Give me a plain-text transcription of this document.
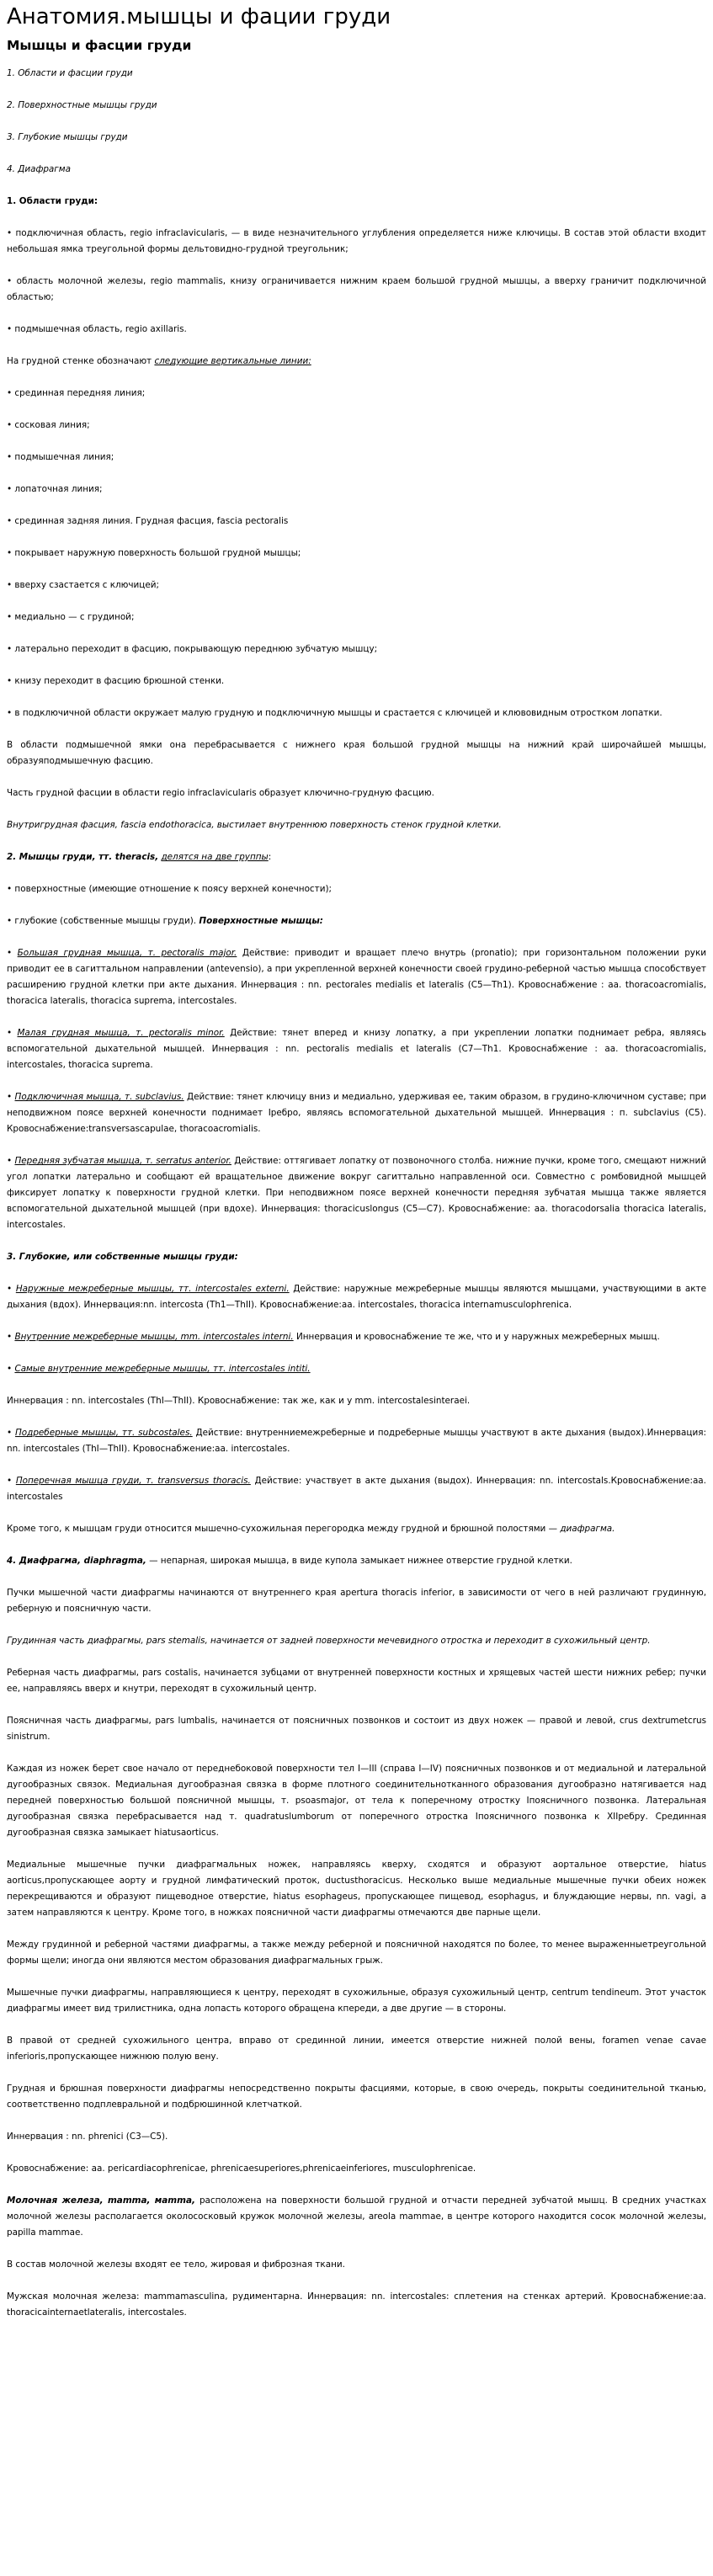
Анатомия.мышцы и фации груди
Мышцы и фасции груди

1. Области и фасции груди

2. Поверхностные мышцы груди

3. Глубокие мышцы груди

4. Диафрагма

1. Области груди:

• подключичная область, regio infraclavicularis, — в виде незначительного углубления определяется ниже ключицы. В состав этой области входит небольшая ямка треугольной формы дельтовидно-грудной треугольник;

• область молочной железы, regio mammalis, книзу ограничивается нижним краем большой грудной мышцы, а вверху граничит подключичной областью;

• подмышечная область, regio axillaris.

На грудной стенке обозначают следующие вертикальные линии:

• срединная передняя линия;

• сосковая линия;

• подмышечная линия;

• лопаточная линия;

• срединная задняя линия. Грудная фасция, fascia pectoralis

• покрывает наружную поверхность большой грудной мышцы;

• вверху сзастается с ключицей;

• медиально — с грудиной;

• латерально переходит в фасцию, покрывающую переднюю зубчатую мышцу;

• книзу переходит в фасцию брюшной стенки.

• в подключичной области окружает малую грудную и подключичную мышцы и срастается с ключицей и клювовидным отростком лопатки.

В области подмышечной ямки она перебрасывается с нижнего края большой грудной мышцы на нижний край широчайшей мышцы, образуяподмышечную фасцию.

Часть грудной фасции в области regio infraclavicularis образует ключично-грудную фасцию.

Внутригрудная фасция, fascia endothoracica, выстилает внутреннюю поверхность стенок грудной клетки.

2. Мышцы груди, тт. theracis, делятся на две группы:

• поверхностные (имеющие отношение к поясу верхней конечности);

• глубокие (собственные мышцы груди). Поверхностные мышцы:

• Большая грудная мышца, т. pectoralis major. Действие: приводит и вращает плечо внутрь (pronatio); при горизонтальном положении руки приводит ее в сагиттальном направлении (antevensio), а при укрепленной верхней конечности своей грудино-реберной частью мышца способствует расширению грудной клетки при акте дыхания. Иннервация : nn. pectorales medialis et lateralis (C5—Th1). Кровоснабжение : aa. thoracoacromialis, thoracica lateralis, thoracica suprema, intercostales.

• Малая грудная мышца, т. pectoralis minor. Действие: тянет вперед и книзу лопатку, а при укреплении лопатки поднимает ребра, являясь вспомогательной дыхательной мышцей. Иннервация : nn. pectoralis medialis et lateralis (C7—Th1. Кровоснабжение : aa. thoracoacromialis, intercostales, thoracica suprema.

• Подключичная мышца, т. subclavius. Действие: тянет ключицу вниз и медиально, удерживая ее, таким образом, в грудино-ключичном суставе; при неподвижном поясе верхней конечности поднимает Iребро, являясь вспомогательной дыхательной мышцей. Иннервация : п. subclavius (C5). Кровоснабжение:transversascapulae, thoracoacromialis.

• Передняя зубчатая мышца, т. serratus anterior. Действие: оттягивает лопатку от позвоночного столба. нижние пучки, кроме того, смещают нижний угол лопатки латерально и сообщают ей вращательное движение вокруг сагиттально направленной оси. Совместно с ромбовидной мышцей фиксирует лопатку к поверхности грудной клетки. При неподвижном поясе верхней конечности передняя зубчатая мышца также является вспомогательной дыхательной мышцей (при вдохе). Иннервация: thoracicuslongus (C5—C7). Кровоснабжение: aa. thoracodorsalia thoracica lateralis, intercostales.

3. Глубокие, или собственные мышцы груди:

• Наружные межреберные мышцы, тт. intercostales externi. Действие: наружные межреберные мышцы являются мышцами, участвующими в акте дыхания (вдох). Иннервация:nn. intercosta (Th1—ThII). Кровоснабжение:aa. intercostales, thoracica internamusculophrenica.

• Внутренние межреберные мышцы, mm. intercostales interni. Иннервация и кровоснабжение те же, что и у наружных межреберных мышц.

• Самые внутренние межреберные мышцы, тт. intercostales intiti.

Иннервация : nn. intercostales (ThI—ThII). Кровоснабжение: так же, как и у mm. intercostalesinteraei.

• Подреберные мышцы, тт. subcostales. Действие: внутренниемежреберные и подреберные мышцы участвуют в акте дыхания (выдох).Иннервация: nn. intercostales (ThI—ThII). Кровоснабжение:aa. intercostales.

• Поперечная мышца груди, т. transversus thoracis. Действие: участвует в акте дыхания (выдох). Иннервация: nn. intercostals.Кровоснабжение:aa. intercostales

Кроме того, к мышцам груди относится мышечно-сухожильная перегородка между грудной и брюшной полостями — диафрагма.

4. Диафрагма, diaphragma, — непарная, широкая мышца, в виде купола замыкает нижнее отверстие грудной клетки.

Пучки мышечной части диафрагмы начинаются от внутреннего края apertura thoracis inferior, в зависимости от чего в ней различают грудинную, реберную и поясничную части.

Грудинная часть диафрагмы, pars stemalis, начинается от задней поверхности мечевидного отростка и переходит в сухожильный центр.

Реберная часть диафрагмы, pars costalis, начинается зубцами от внутренней поверхности костных и хрящевых частей шести нижних ребер; пучки ее, направляясь вверх и кнутри, переходят в сухожильный центр.

Поясничная часть диафрагмы, pars lumbalis, начинается от поясничных позвонков и состоит из двух ножек — правой и левой, crus dextrumetcrus sinistrum.

Каждая из ножек берет свое начало от переднебоковой поверхности тел I—III (справа I—IV) поясничных позвонков и от медиальной и латеральной дугообразных связок. Медиальная дугообразная связка в форме плотного соединительнотканного образования дугообразно натягивается над передней поверхностью большой поясничной мышцы, т. psoasmajor, от тела к поперечному отростку Iпоясничного позвонка. Латеральная дугообразная связка перебрасывается над т. quadratuslumborum от поперечного отростка Iпоясничного позвонка к XIIребру. Срединная дугообразная связка замыкает hiatusaorticus.

Медиальные мышечные пучки диафрагмальных ножек, направляясь кверху, сходятся и образуют аортальное отверстие, hiatus aorticus,пропускающее аорту и грудной лимфатический проток, ductusthoracicus. Несколько выше медиальные мышечные пучки обеих ножек перекрещиваются и образуют пищеводное отверстие, hiatus esophageus, пропускающее пищевод, esophagus, и блуждающие нервы, nn. vagi, а затем направляются к центру. Кроме того, в ножках поясничной части диафрагмы отмечаются две парные щели.

Между грудинной и реберной частями диафрагмы, а также между реберной и поясничной находятся по более, то менее выраженныетреугольной формы щели; иногда они являются местом образования диафрагмальных грыж.

Мышечные пучки диафрагмы, направляющиеся к центру, переходят в сухожильные, образуя сухожильный центр, centrum tendineum. Этот участок диафрагмы имеет вид трилистника, одна лопасть которого обращена кпереди, а две другие — в стороны.

В правой от средней сухожильного центра, вправо от срединной линии, имеется отверстие нижней полой вены, foramen venae cavae inferioris,пропускающее нижнюю полую вену.

Грудная и брюшная поверхности диафрагмы непосредственно покрыты фасциями, которые, в свою очередь, покрыты соединительной тканью, соответственно подплевральной и подбрюшинной клетчаткой.

Иннервация : nn. phrenici (C3—C5).

Кровоснабжение: aa. pericardiacophrenicae, phrenicaesuperiores,phrenicaeinferiores, musculophrenicae.

Молочная железа, mamma, мamma, расположена на поверхности большой грудной и отчасти передней зубчатой мышц. В средних участках молочной железы располагается околососковый кружок молочной железы, areola mammae, в центре которого находится сосок молочной железы, papilla mammae.

В состав молочной железы входят ее тело, жировая и фиброзная ткани.

Мужская молочная железа: mammamasculina, рудиментарна. Иннервация: nn. intercostales: сплетения на стенках артерий. Кровоснабжение:aa. thoracicainternaetlateralis, intercostales.
